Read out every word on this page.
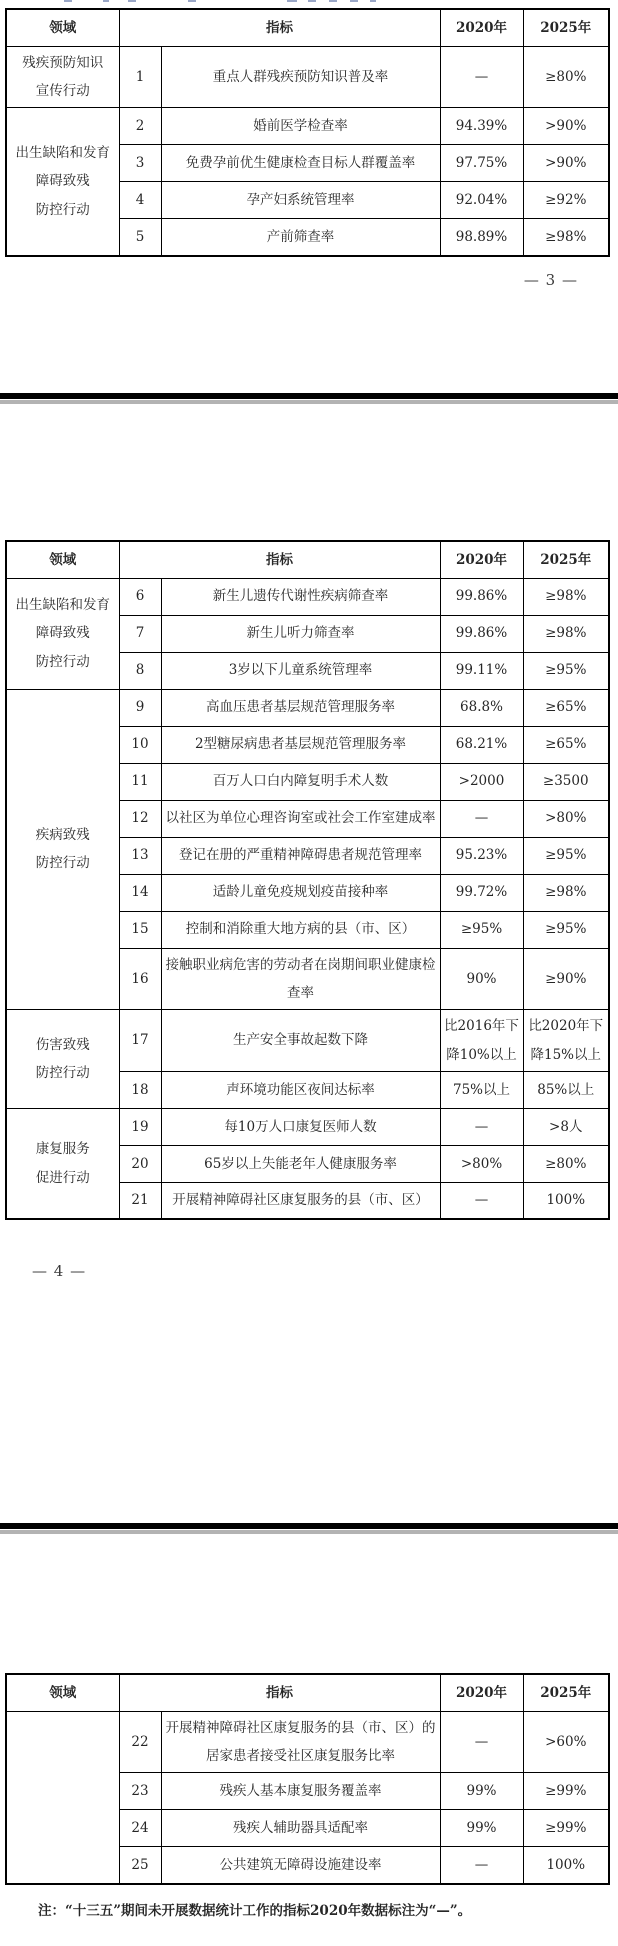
领域	指标		2020年	2025年

残疾预防知识
宣传行动	1	重点人群残疾预防知识普及率	—	≥80%

出生缺陷和发育
障碍致残
防控行动	2	婚前医学检查率	94.39%	>90%
	3	免费孕前优生健康检查目标人群覆盖率	97.75%	>90%
	4	孕产妇系统管理率	92.04%	≥92%
	5	产前筛查率	98.89%	≥98%
— 3 —
领域	指标		2020年	2025年

出生缺陷和发育
障碍致残
防控行动	6	新生儿遗传代谢性疾病筛查率	99.86%	≥98%
	7	新生儿听力筛查率	99.86%	≥98%
	8	3岁以下儿童系统管理率	99.11%	≥95%

疾病致残
防控行动	9	高血压患者基层规范管理服务率	68.8%	≥65%
	10	2型糖尿病患者基层规范管理服务率	68.21%	≥65%
	11	百万人口白内障复明手术人数	>2000	≥3500
	12	以社区为单位心理咨询室或社会工作室建成率	—	>80%
	13	登记在册的严重精神障碍患者规范管理率	95.23%	≥95%
	14	适龄儿童免疫规划疫苗接种率	99.72%	≥98%
	15	控制和消除重大地方病的县（市、区）	≥95%	≥95%
	16	接触职业病危害的劳动者在岗期间职业健康检查率	90%	≥90%

伤害致残
防控行动	17	生产安全事故起数下降	比2016年下降10%以上	比2020年下降15%以上
	18	声环境功能区夜间达标率	75%以上	85%以上

康复服务
促进行动	19	每10万人口康复医师人数	—	>8人
	20	65岁以上失能老年人健康服务率	>80%	≥80%
	21	开展精神障碍社区康复服务的县（市、区）	—	100%
— 4 —
领域	指标		2020年	2025年
	22	开展精神障碍社区康复服务的县（市、区）的居家患者接受社区康复服务比率	—	>60%
	23	残疾人基本康复服务覆盖率	99%	≥99%
	24	残疾人辅助器具适配率	99%	≥99%
	25	公共建筑无障碍设施建设率	—	100%
注：“十三五”期间未开展数据统计工作的指标2020年数据标注为“—”。
